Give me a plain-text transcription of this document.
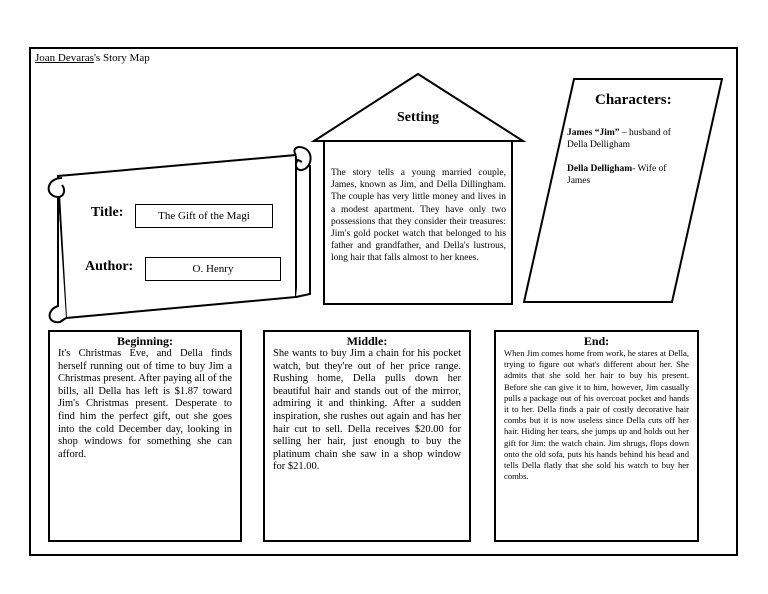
Joan Devaras's Story Map
Title:	The Gift of the Magi
Author:	O. Henry
Setting
The story tells a young married couple, James, known as Jim, and Della Dillingham. The couple has very little money and lives in a modest apartment. They have only two possessions that they consider their treasures: Jim's gold pocket watch that belonged to his father and grandfather, and Della's lustrous, long hair that falls almost to her knees.
Characters:
James “Jim” – husband of Della Delligham
Della Delligham- Wife of James
Beginning:
It's Christmas Eve, and Della finds herself running out of time to buy Jim a Christmas present. After paying all of the bills, all Della has left is $1.87 toward Jim's Christmas present. Desperate to find him the perfect gift, out she goes into the cold December day, looking in shop windows for something she can afford.
Middle:
She wants to buy Jim a chain for his pocket watch, but they're out of her price range. Rushing home, Della pulls down her beautiful hair and stands out of the mirror, admiring it and thinking. After a sudden inspiration, she rushes out again and has her hair cut to sell. Della receives $20.00 for selling her hair, just enough to buy the platinum chain she saw in a shop window for $21.00.
End:
When Jim comes home from work, he stares at Della, trying to figure out what's different about her. She admits that she sold her hair to buy his present. Before she can give it to him, however, Jim casually pulls a package out of his overcoat pocket and hands it to her. Della finds a pair of costly decorative hair combs but it is now useless since Della cuts off her hair. Hiding her tears, she jumps up and holds out her gift for Jim: the watch chain. Jim shrugs, flops down onto the old sofa, puts his hands behind his head and tells Della flatly that she sold his watch to buy her combs.
